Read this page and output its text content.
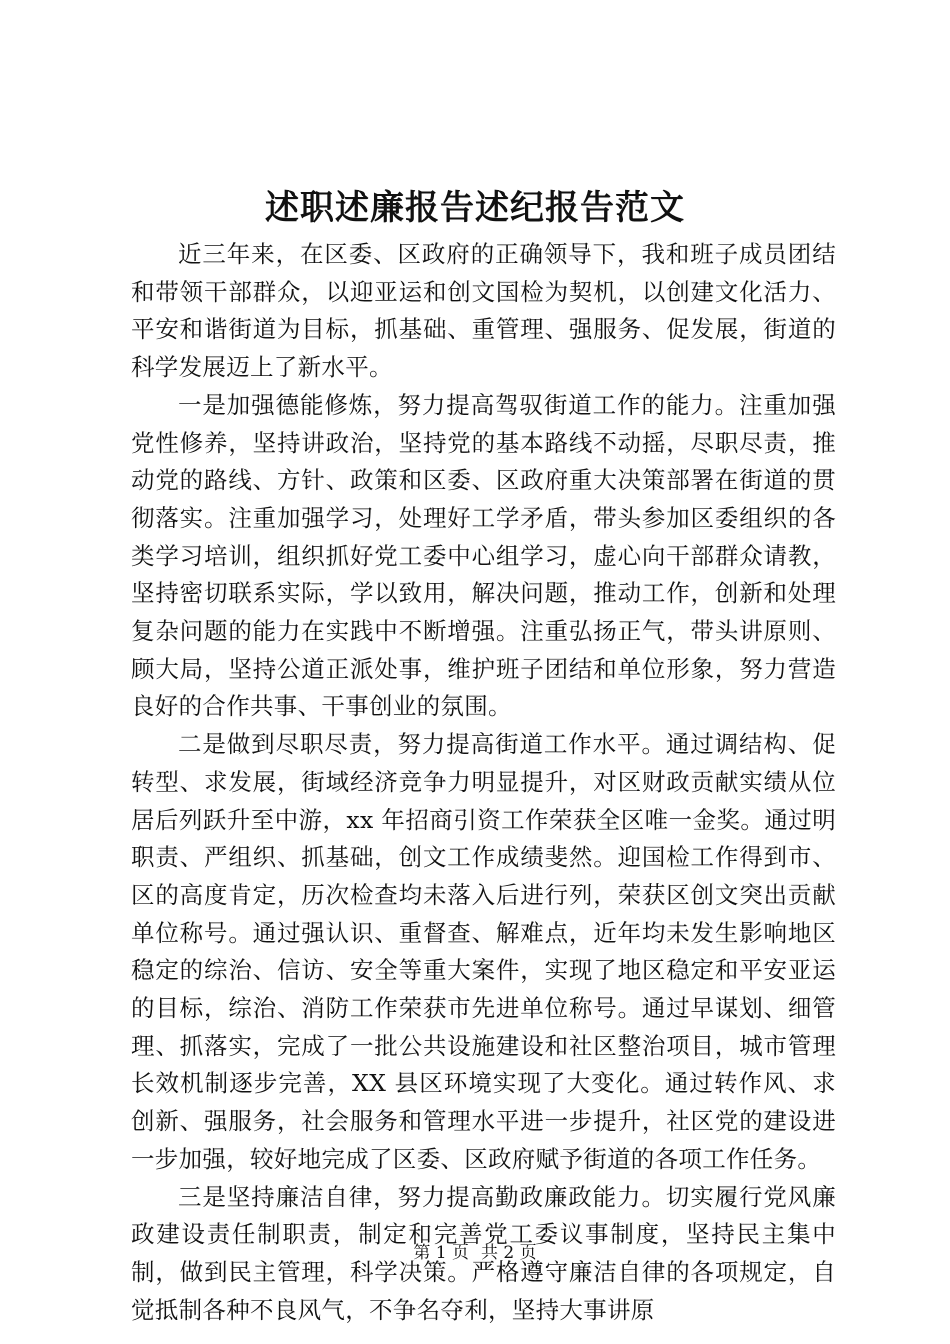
述职述廉报告述纪报告范文

近三年来，在区委、区政府的正确领导下，我和班子成员团结和带领干部群众，以迎亚运和创文国检为契机，以创建文化活力、平安和谐街道为目标，抓基础、重管理、强服务、促发展，街道的科学发展迈上了新水平。

一是加强德能修炼，努力提高驾驭街道工作的能力。注重加强党性修养，坚持讲政治，坚持党的基本路线不动摇，尽职尽责，推动党的路线、方针、政策和区委、区政府重大决策部署在街道的贯彻落实。注重加强学习，处理好工学矛盾，带头参加区委组织的各类学习培训，组织抓好党工委中心组学习，虚心向干部群众请教，坚持密切联系实际，学以致用，解决问题，推动工作，创新和处理复杂问题的能力在实践中不断增强。注重弘扬正气，带头讲原则、顾大局，坚持公道正派处事，维护班子团结和单位形象，努力营造良好的合作共事、干事创业的氛围。

二是做到尽职尽责，努力提高街道工作水平。通过调结构、促转型、求发展，街域经济竞争力明显提升，对区财政贡献实绩从位居后列跃升至中游，xx 年招商引资工作荣获全区唯一金奖。通过明职责、严组织、抓基础，创文工作成绩斐然。迎国检工作得到市、区的高度肯定，历次检查均未落入后进行列，荣获区创文突出贡献单位称号。通过强认识、重督查、解难点，近年均未发生影响地区稳定的综治、信访、安全等重大案件，实现了地区稳定和平安亚运的目标，综治、消防工作荣获市先进单位称号。通过早谋划、细管理、抓落实，完成了一批公共设施建设和社区整治项目，城市管理长效机制逐步完善，XX 县区环境实现了大变化。通过转作风、求创新、强服务，社会服务和管理水平进一步提升，社区党的建设进一步加强，较好地完成了区委、区政府赋予街道的各项工作任务。

三是坚持廉洁自律，努力提高勤政廉政能力。切实履行党风廉政建设责任制职责，制定和完善党工委议事制度，坚持民主集中制，做到民主管理，科学决策。严格遵守廉洁自律的各项规定，自觉抵制各种不良风气，不争名夺利，坚持大事讲原

第 1 页 共 2 页
